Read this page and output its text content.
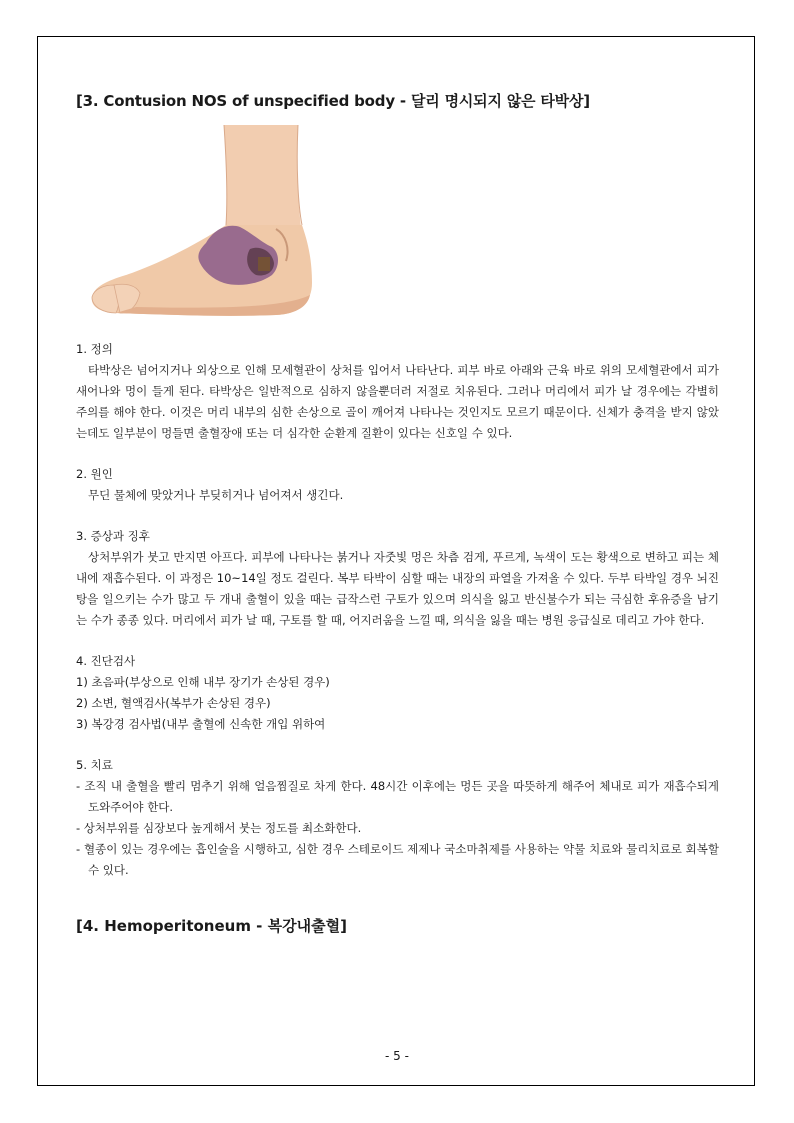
[3. Contusion NOS of unspecified body - 달리 명시되지 않은 타박상]

1. 정의

타박상은 넘어지거나 외상으로 인해 모세혈관이 상처를 입어서 나타난다. 피부 바로 아래와 근육 바로 위의 모세혈관에서 피가 새어나와 멍이 들게 된다. 타박상은 일반적으로 심하지 않을뿐더러 저절로 치유된다. 그러나 머리에서 피가 날 경우에는 각별히 주의를 해야 한다. 이것은 머리 내부의 심한 손상으로 골이 깨어져 나타나는 것인지도 모르기 때문이다. 신체가 충격을 받지 않았는데도 일부분이 멍들면 출혈장애 또는 더 심각한 순환계 질환이 있다는 신호일 수 있다.

2. 원인

무딘 물체에 맞았거나 부딪히거나 넘어져서 생긴다.

3. 증상과 징후

상처부위가 붓고 만지면 아프다. 피부에 나타나는 붉거나 자줏빛 멍은 차츰 검게, 푸르게, 녹색이 도는 황색으로 변하고 피는 체내에 재흡수된다. 이 과정은 10~14일 정도 걸린다. 복부 타박이 심할 때는 내장의 파열을 가져올 수 있다. 두부 타박일 경우 뇌진탕을 일으키는 수가 많고 두 개내 출혈이 있을 때는 급작스런 구토가 있으며 의식을 잃고 반신불수가 되는 극심한 후유증을 남기는 수가 종종 있다. 머리에서 피가 날 때, 구토를 할 때, 어지러움을 느낄 때, 의식을 잃을 때는 병원 응급실로 데리고 가야 한다.

4. 진단검사

1) 초음파(부상으로 인해 내부 장기가 손상된 경우)

2) 소변, 혈액검사(복부가 손상된 경우)

3) 복강경 검사법(내부 출혈에 신속한 개입 위하여

5. 치료

- 조직 내 출혈을 빨리 멈추기 위해 얼음찜질로 차게 한다. 48시간 이후에는 멍든 곳을 따뜻하게 해주어 체내로 피가 재흡수되게 도와주어야 한다.

- 상처부위를 심장보다 높게해서 붓는 정도를 최소화한다.

- 혈종이 있는 경우에는 흡인술을 시행하고, 심한 경우 스테로이드 제제나 국소마취제를 사용하는 약물 치료와 물리치료로 회복할 수 있다.

[4. Hemoperitoneum - 복강내출혈]

- 5 -
